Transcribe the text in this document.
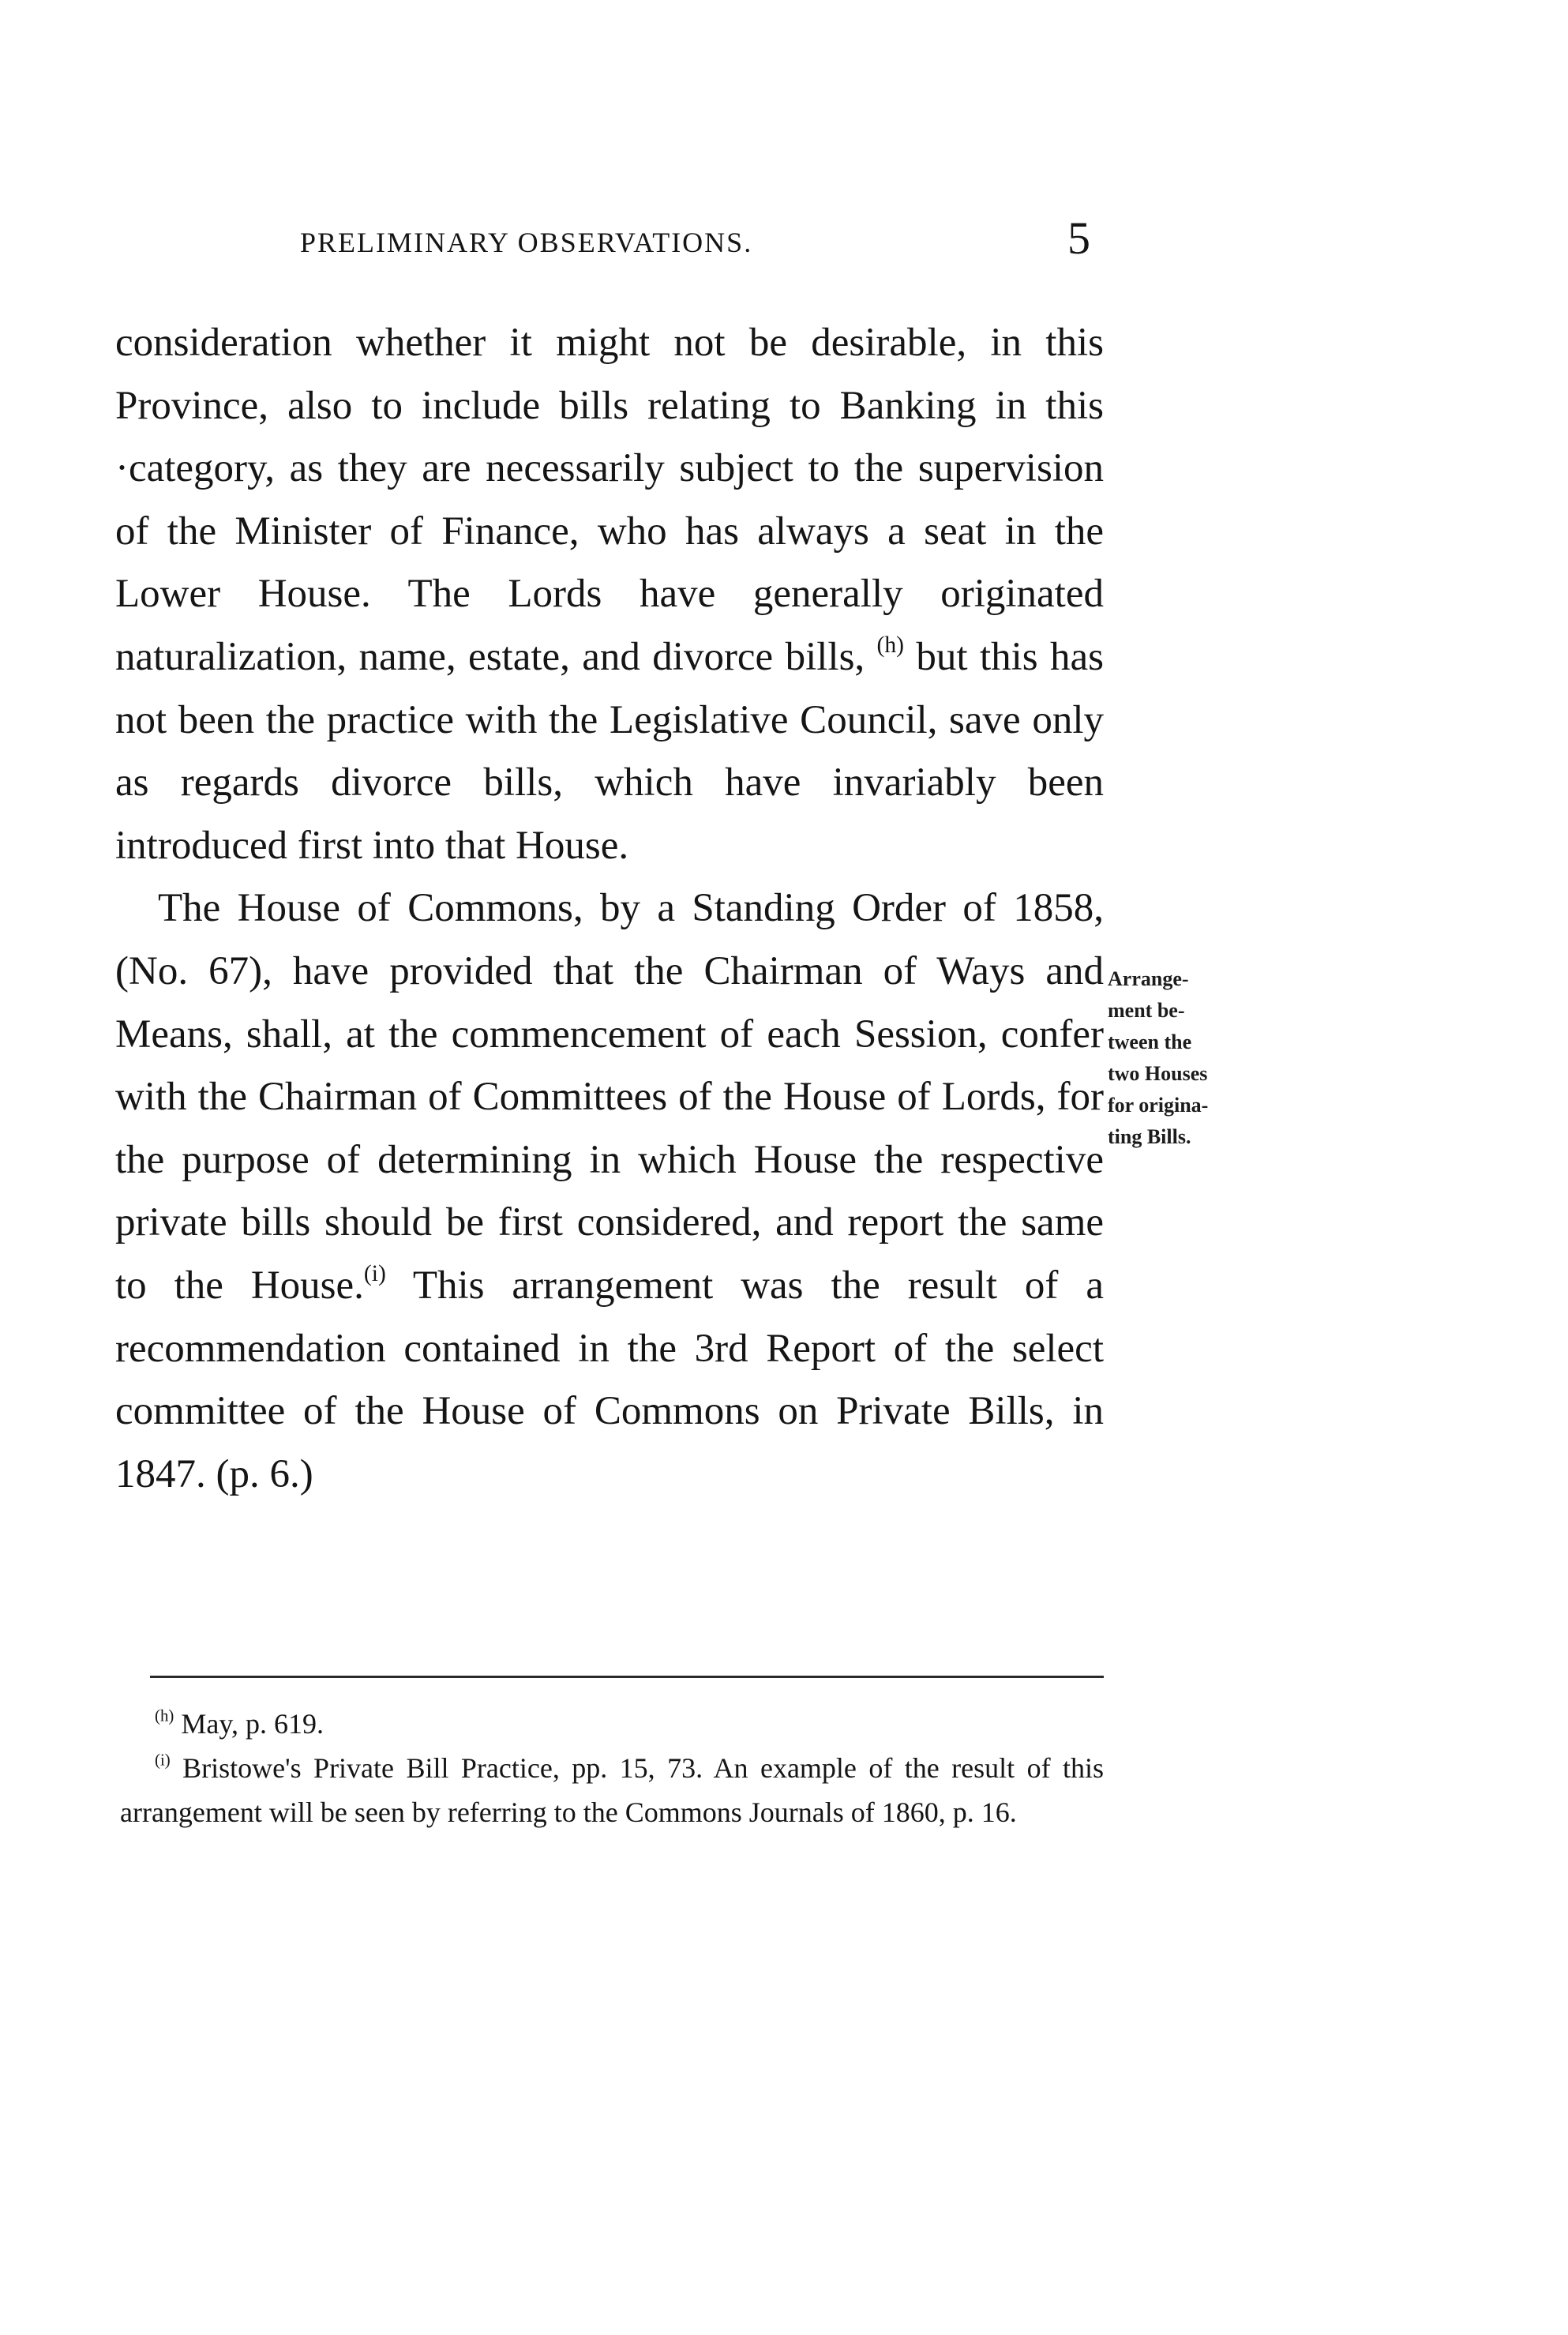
PRELIMINARY OBSERVATIONS.	5

consideration whether it might not be desirable, in this Province, also to include bills relating to Banking in this ·category, as they are necessarily subject to the supervision of the Minister of Finance, who has always a seat in the Lower House. The Lords have generally originated naturalization, name, estate, and divorce bills, $^{(h)}$ but this has not been the practice with the Legislative Council, save only as regards divorce bills, which have invariably been introduced first into that House.

The House of Commons, by a Standing Order of 1858, (No. 67), have provided that the Chairman of Ways and Means, shall, at the commencement of each Session, confer with the Chairman of Committees of the House of Lords, for the purpose of determining in which House the respective private bills should be first considered, and report the same to the House.$^{(i)}$ This arrangement was the result of a recommendation contained in the 3rd Report of the select committee of the House of Commons on Private Bills, in 1847. (p. 6.)

Arrange-
ment be-
tween the
two Houses
for origina-
ting Bills.

$^{(h)}$ May, p. 619.

$^{(i)}$ Bristowe's Private Bill Practice, pp. 15, 73. An example of the result of this arrangement will be seen by referring to the Commons Journals of 1860, p. 16.
